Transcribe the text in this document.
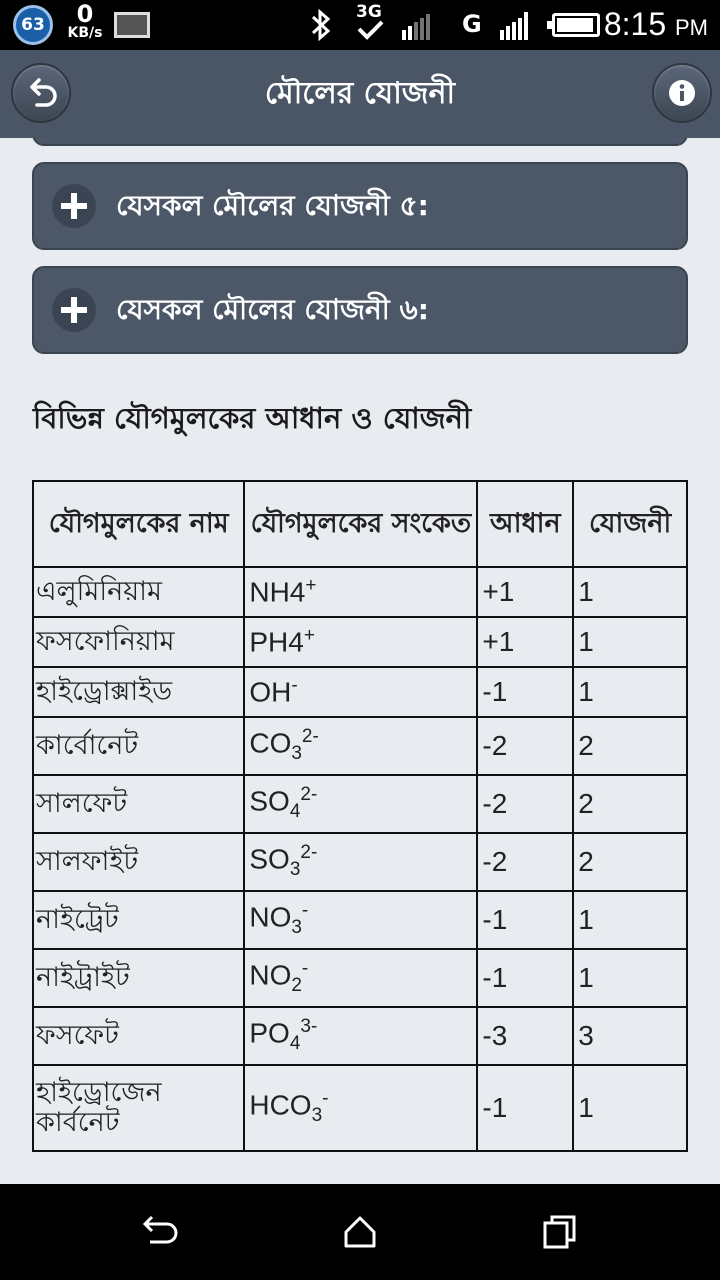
63	0
KB/s
3G	G	8:15 PM
মৌলের যোজনী
যেসকল মৌলের যোজনী ৫:
যেসকল মৌলের যোজনী ৬:
বিভিন্ন যৌগমুলকের আধান ও যোজনী
যৌগমুলকের নাম	যৌগমুলকের সংকেত	আধান	যোজনী
এলুমিনিয়াম	NH4+	+1	1
ফসফোনিয়াম	PH4+	+1	1
হাইড্রোক্সাইড	OH-	-1	1
কার্বোনেট	$CO_3^{2-}$	-2	2
সালফেট	$SO_4^{2-}$	-2	2
সালফাইট	$SO_3^{2-}$	-2	2
নাইট্রেট	$NO_3^-$	-1	1
নাইট্রাইট	$NO_2^-$	-1	1
ফসফেট	$PO_4^{3-}$	-3	3
হাইড্রোজেন কার্বনেট	$HCO_3^-$	-1	1
